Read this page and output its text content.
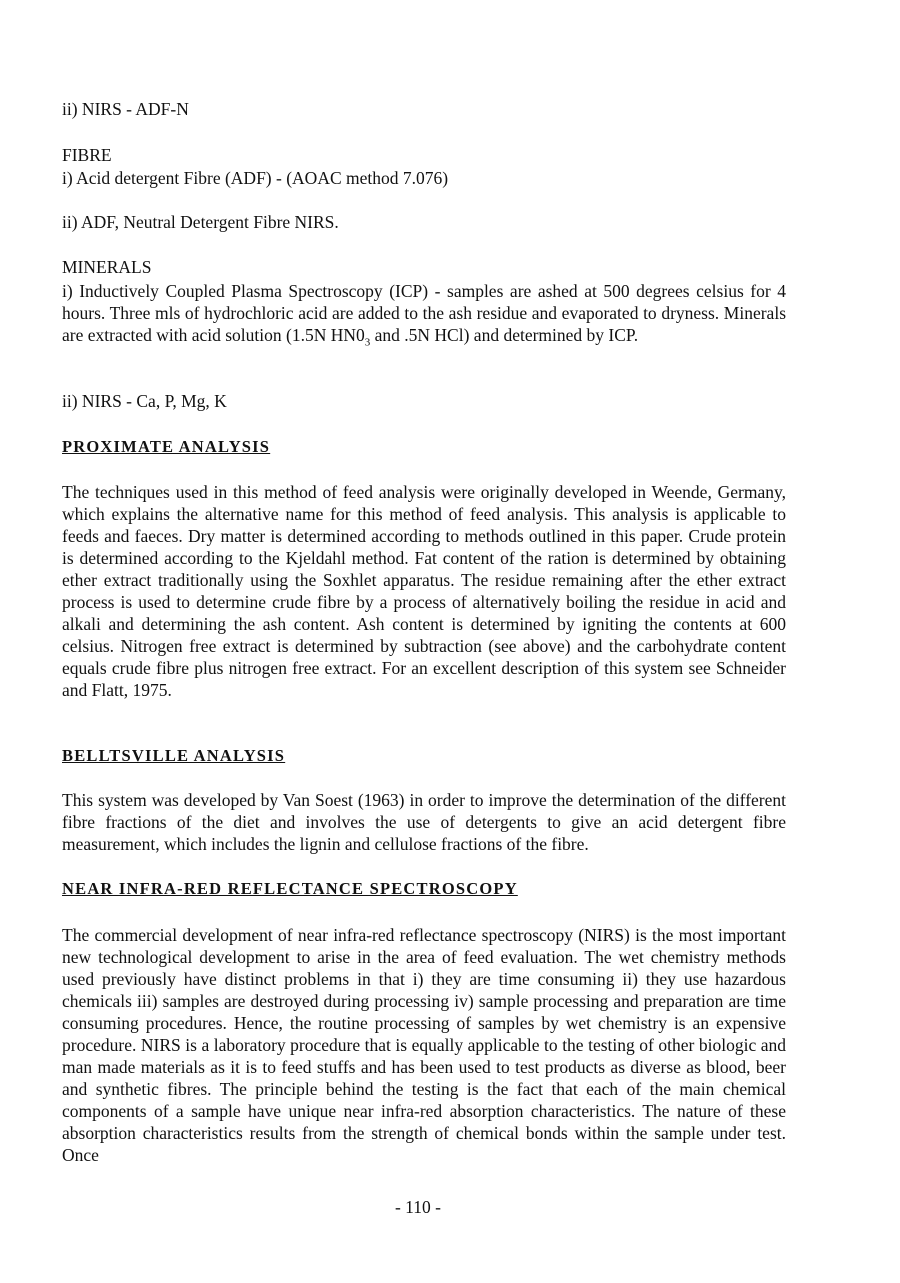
ii) NIRS - ADF-N

FIBRE

i) Acid detergent Fibre (ADF) - (AOAC method 7.076)

ii) ADF, Neutral Detergent Fibre NIRS.

MINERALS

i) Inductively Coupled Plasma Spectroscopy (ICP) - samples are ashed at 500 degrees celsius for 4 hours. Three mls of hydrochloric acid are added to the ash residue and evaporated to dryness. Minerals are extracted with acid solution (1.5N $HN0_3$ and .5N HCl) and determined by ICP.

ii) NIRS - Ca, P, Mg, K

PROXIMATE ANALYSIS

The techniques used in this method of feed analysis were originally developed in Weende, Germany, which explains the alternative name for this method of feed analysis. This analysis is applicable to feeds and faeces. Dry matter is determined according to methods outlined in this paper. Crude protein is determined according to the Kjeldahl method. Fat content of the ration is determined by obtaining ether extract traditionally using the Soxhlet apparatus. The residue remaining after the ether extract process is used to determine crude fibre by a process of alternatively boiling the residue in acid and alkali and determining the ash content. Ash content is determined by igniting the contents at 600 celsius. Nitrogen free extract is determined by subtraction (see above) and the carbohydrate content equals crude fibre plus nitrogen free extract. For an excellent description of this system see Schneider and Flatt, 1975.

BELLTSVILLE ANALYSIS

This system was developed by Van Soest (1963) in order to improve the determination of the different fibre fractions of the diet and involves the use of detergents to give an acid detergent fibre measurement, which includes the lignin and cellulose fractions of the fibre.

NEAR INFRA-RED REFLECTANCE SPECTROSCOPY

The commercial development of near infra-red reflectance spectroscopy (NIRS) is the most important new technological development to arise in the area of feed evaluation. The wet chemistry methods used previously have distinct problems in that i) they are time consuming ii) they use hazardous chemicals iii) samples are destroyed during processing iv) sample processing and preparation are time consuming procedures. Hence, the routine processing of samples by wet chemistry is an expensive procedure. NIRS is a laboratory procedure that is equally applicable to the testing of other biologic and man made materials as it is to feed stuffs and has been used to test products as diverse as blood, beer and synthetic fibres. The principle behind the testing is the fact that each of the main chemical components of a sample have unique near infra-red absorption characteristics. The nature of these absorption characteristics results from the strength of chemical bonds within the sample under test. Once

- 110 -
